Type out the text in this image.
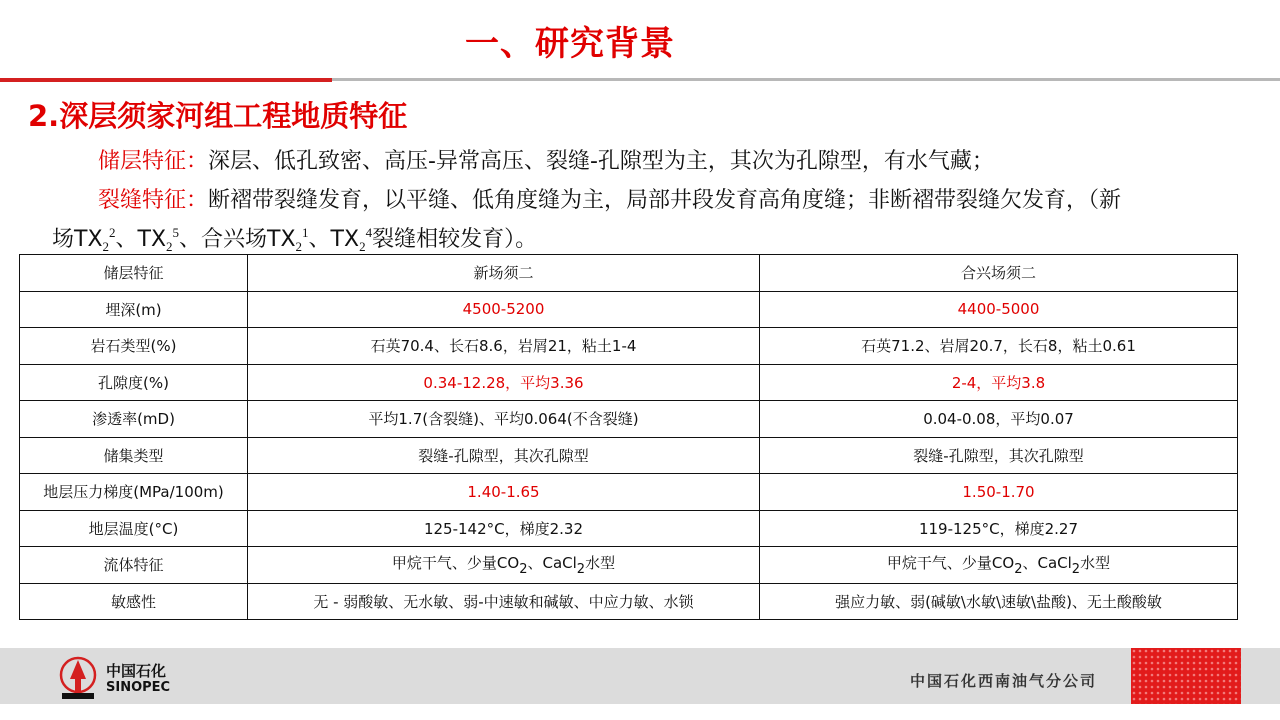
一、研究背景
2.深层须家河组工程地质特征
储层特征：深层、低孔致密、高压-异常高压、裂缝-孔隙型为主，其次为孔隙型，有水气藏；
裂缝特征：断褶带裂缝发育，以平缝、低角度缝为主，局部井段发育高角度缝；非断褶带裂缝欠发育，（新
场$TX_2^2$、$TX_2^5$、合兴场$TX_2^1$、$TX_2^4$裂缝相较发育）。
储层特征	新场须二	合兴场须二
埋深(m)	4500-5200	4400-5000
岩石类型(%)	石英70.4、长石8.6，岩屑21，粘土1-4	石英71.2、岩屑20.7，长石8，粘土0.61
孔隙度(%)	0.34-12.28，平均3.36	2-4，平均3.8
渗透率(mD)	平均1.7(含裂缝)、平均0.064(不含裂缝)	0.04-0.08，平均0.07
储集类型	裂缝-孔隙型，其次孔隙型	裂缝-孔隙型，其次孔隙型
地层压力梯度(MPa/100m)	1.40-1.65	1.50-1.70
地层温度(°C)	125-142°C，梯度2.32	119-125°C，梯度2.27
流体特征	甲烷干气、少量$CO_2$、CaCl$_2$水型	甲烷干气、少量$CO_2$、CaCl$_2$水型
敏感性	无 - 弱酸敏、无水敏、弱-中速敏和碱敏、中应力敏、水锁	强应力敏、弱(碱敏\水敏\速敏\盐酸)、无土酸酸敏
中国石化
SINOPEC	中国石化西南油气分公司
